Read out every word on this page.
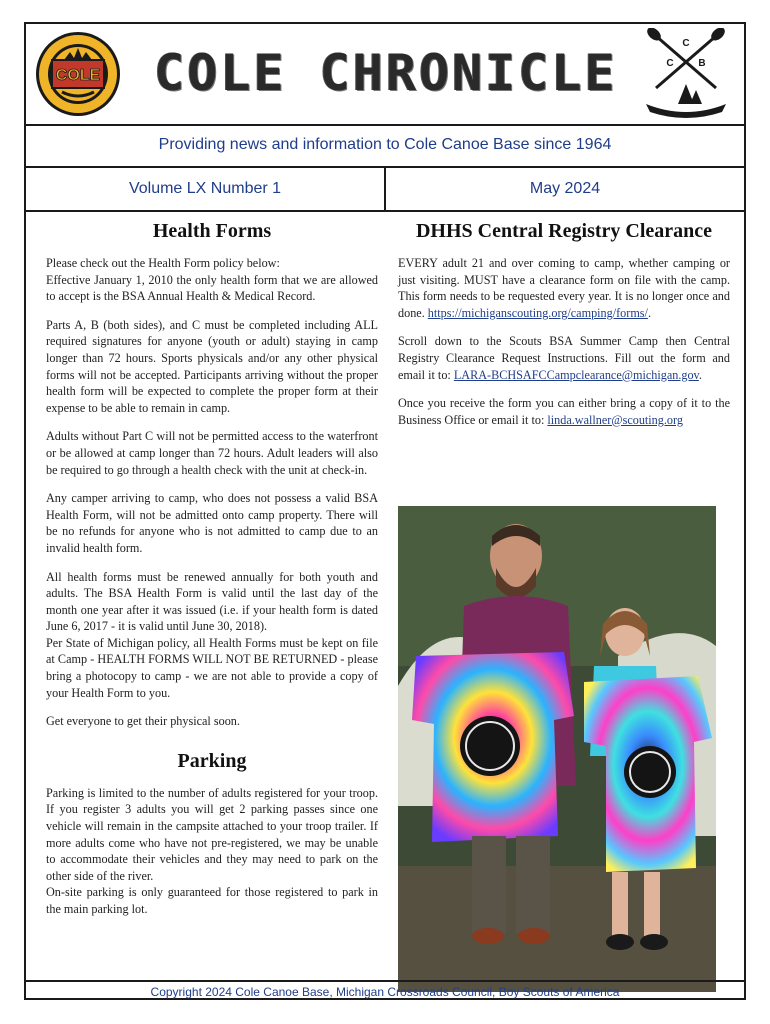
COLE	COLE CHRONICLE
C
C B
Providing news and information to Cole Canoe Base since 1964
Volume LX Number 1	May 2024
Health Forms

Please check out the Health Form policy below:

Effective January 1, 2010 the only health form that we are allowed to accept is the BSA Annual Health & Medical Record.

Parts A, B (both sides), and C must be completed including ALL required signatures for anyone (youth or adult) staying in camp longer than 72 hours. Sports physicals and/or any other physical forms will not be accepted. Participants arriving without the proper health form will be expected to complete the proper form at their expense to be able to remain in camp.

Adults without Part C will not be permitted access to the waterfront or be allowed at camp longer than 72 hours. Adult leaders will also be required to go through a health check with the unit at check-in.

Any camper arriving to camp, who does not possess a valid BSA Health Form, will not be admitted onto camp property. There will be no refunds for anyone who is not admitted to camp due to an invalid health form.

All health forms must be renewed annually for both youth and adults. The BSA Health Form is valid until the last day of the month one year after it was issued (i.e. if your health form is dated June 6, 2017 - it is valid until June 30, 2018).

Per State of Michigan policy, all Health Forms must be kept on file at Camp - HEALTH FORMS WILL NOT BE RETURNED - please bring a photocopy to camp - we are not able to provide a copy of your Health Form to you.

Get everyone to get their physical soon.

Parking

Parking is limited to the number of adults registered for your troop. If you register 3 adults you will get 2 parking passes since one vehicle will remain in the campsite attached to your troop trailer. If more adults come who have not pre-registered, we may be unable to accommodate their vehicles and they may need to park on the other side of the river.

On-site parking is only guaranteed for those registered to park in the main parking lot.

DHHS Central Registry Clearance

EVERY adult 21 and over coming to camp, whether camping or just visiting. MUST have a clearance form on file with the camp. This form needs to be requested every year. It is no longer once and done. https://michiganscouting.org/camping/forms/.

Scroll down to the Scouts BSA Summer Camp then Central Registry Clearance Request Instructions. Fill out the form and email it to: LARA-BCHSAFCCampclearance@michigan.gov.

Once you receive the form you can either bring a copy of it to the Business Office or email it to: linda.wallner@scouting.org

Copyright 2024 Cole Canoe Base, Michigan Crossroads Council, Boy Scouts of America
